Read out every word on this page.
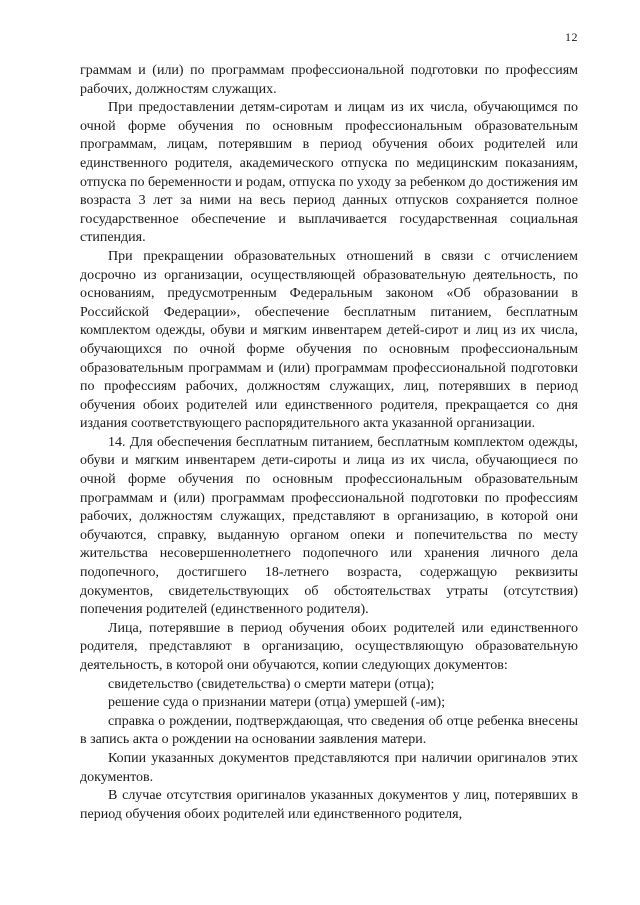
12

граммам и (или) по программам профессиональной подготовки по профессиям рабочих, должностям служащих.

При предоставлении детям-сиротам и лицам из их числа, обучающимся по очной форме обучения по основным профессиональным образовательным программам, лицам, потерявшим в период обучения обоих родителей или единственного родителя, академического отпуска по медицинским показаниям, отпуска по беременности и родам, отпуска по уходу за ребенком до достижения им возраста 3 лет за ними на весь период данных отпусков сохраняется полное государственное обеспечение и выплачивается государственная социальная стипендия.

При прекращении образовательных отношений в связи с отчислением досрочно из организации, осуществляющей образовательную деятельность, по основаниям, предусмотренным Федеральным законом «Об образовании в Российской Федерации», обеспечение бесплатным питанием, бесплатным комплектом одежды, обуви и мягким инвентарем детей-сирот и лиц из их числа, обучающихся по очной форме обучения по основным профессиональным образовательным программам и (или) программам профессиональной подготовки по профессиям рабочих, должностям служащих, лиц, потерявших в период обучения обоих родителей или единственного родителя, прекращается со дня издания соответствующего распорядительного акта указанной организации.

14. Для обеспечения бесплатным питанием, бесплатным комплектом одежды, обуви и мягким инвентарем дети-сироты и лица из их числа, обучающиеся по очной форме обучения по основным профессиональным образовательным программам и (или) программам профессиональной подготовки по профессиям рабочих, должностям служащих, представляют в организацию, в которой они обучаются, справку, выданную органом опеки и попечительства по месту жительства несовершеннолетнего подопечного или хранения личного дела подопечного, достигшего 18-летнего возраста, содержащую реквизиты документов, свидетельствующих об обстоятельствах утраты (отсутствия) попечения родителей (единственного родителя).

Лица, потерявшие в период обучения обоих родителей или единственного родителя, представляют в организацию, осуществляющую образовательную деятельность, в которой они обучаются, копии следующих документов:

свидетельство (свидетельства) о смерти матери (отца);

решение суда о признании матери (отца) умершей (-им);

справка о рождении, подтверждающая, что сведения об отце ребенка внесены в запись акта о рождении на основании заявления матери.

Копии указанных документов представляются при наличии оригиналов этих документов.

В случае отсутствия оригиналов указанных документов у лиц, потерявших в период обучения обоих родителей или единственного родителя,
